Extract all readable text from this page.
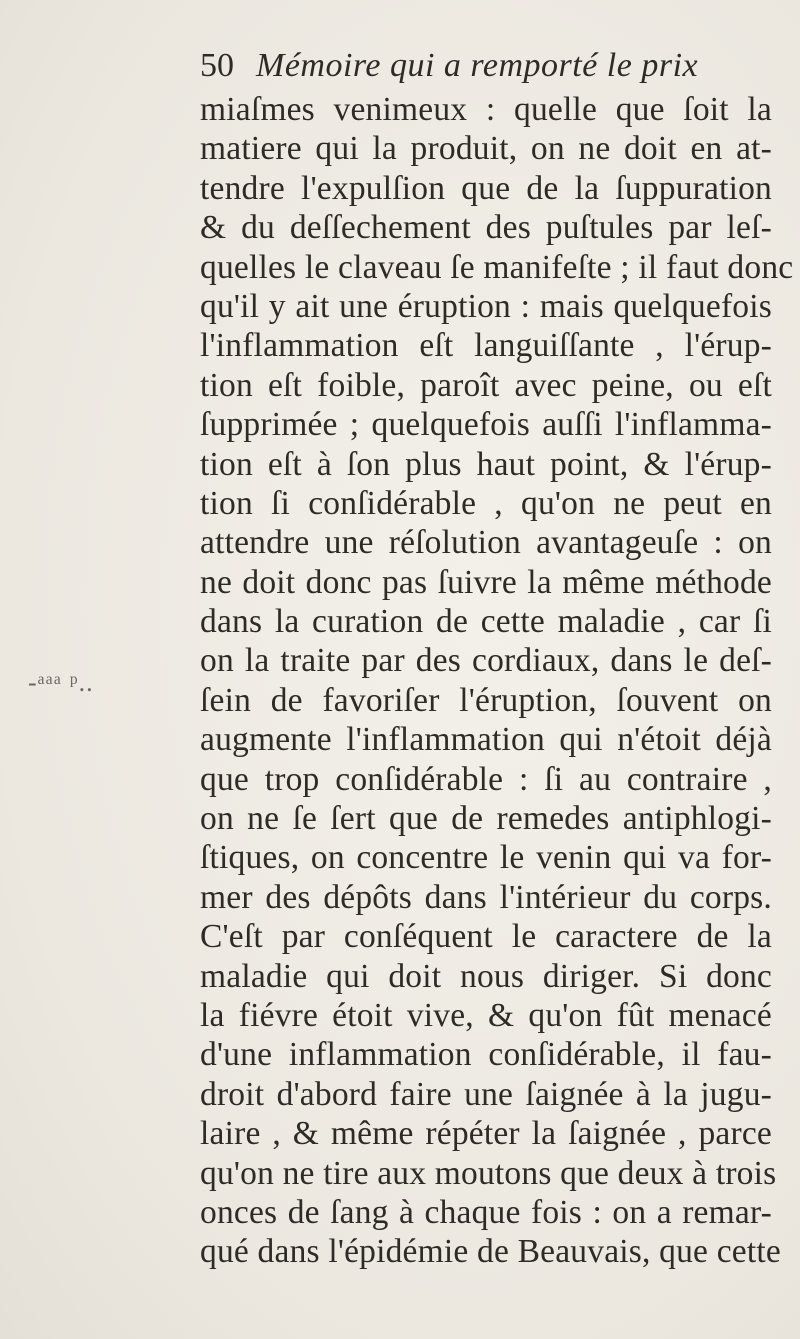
50 Mémoire qui a remporté le prix
-ᵃᵃᵃ ᵖ..
miaſmes venimeux : quelle que ſoit la
matiere qui la produit, on ne doit en at-
tendre l'expulſion que de la ſuppuration
& du deſſechement des puſtules par leſ-
quelles le claveau ſe manifeſte ; il faut donc
qu'il y ait une éruption : mais quelquefois
l'inflammation eſt languiſſante , l'érup-
tion eſt foible, paroît avec peine, ou eſt
ſupprimée ; quelquefois auſſi l'inflamma-
tion eſt à ſon plus haut point, & l'érup-
tion ſi conſidérable , qu'on ne peut en
attendre une réſolution avantageuſe : on
ne doit donc pas ſuivre la même méthode
dans la curation de cette maladie , car ſi
on la traite par des cordiaux, dans le deſ-
ſein de favoriſer l'éruption, ſouvent on
augmente l'inflammation qui n'étoit déjà
que trop conſidérable : ſi au contraire ,
on ne ſe ſert que de remedes antiphlogi-
ſtiques, on concentre le venin qui va for-
mer des dépôts dans l'intérieur du corps.
C'eſt par conſéquent le caractere de la
maladie qui doit nous diriger. Si donc
la fiévre étoit vive, & qu'on fût menacé
d'une inflammation conſidérable, il fau-
droit d'abord faire une ſaignée à la jugu-
laire , & même répéter la ſaignée , parce
qu'on ne tire aux moutons que deux à trois
onces de ſang à chaque fois : on a remar-
qué dans l'épidémie de Beauvais, que cette
